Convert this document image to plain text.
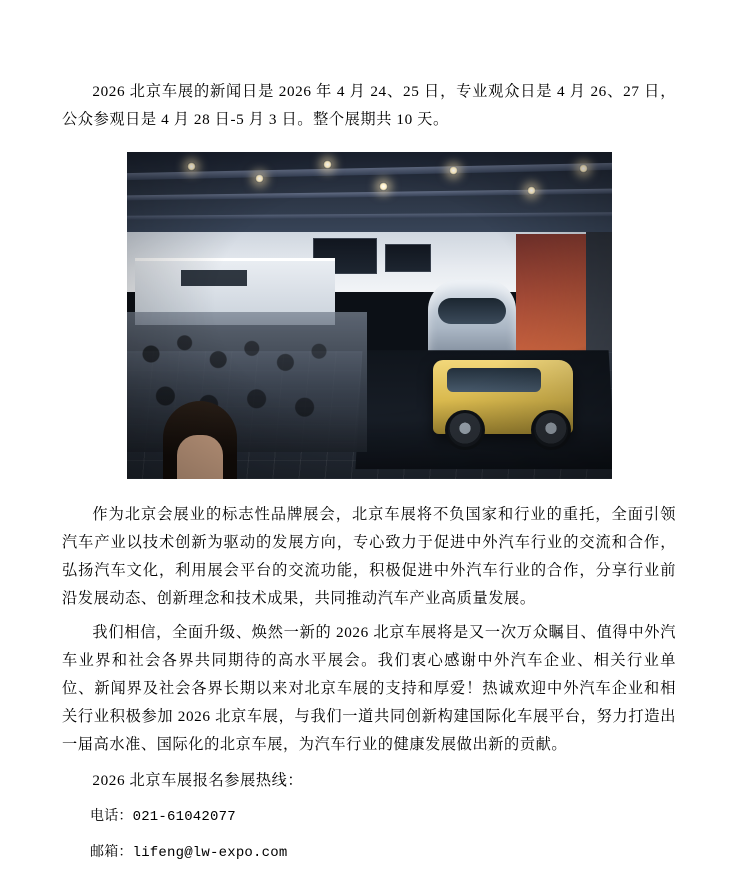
2026 北京车展的新闻日是 2026 年 4 月 24、25 日，专业观众日是 4 月 26、27 日，公众参观日是 4 月 28 日-5 月 3 日。整个展期共 10 天。

作为北京会展业的标志性品牌展会，北京车展将不负国家和行业的重托，全面引领汽车产业以技术创新为驱动的发展方向，专心致力于促进中外汽车行业的交流和合作，弘扬汽车文化，利用展会平台的交流功能，积极促进中外汽车行业的合作，分享行业前沿发展动态、创新理念和技术成果，共同推动汽车产业高质量发展。

我们相信，全面升级、焕然一新的 2026 北京车展将是又一次万众瞩目、值得中外汽车业界和社会各界共同期待的高水平展会。我们衷心感谢中外汽车企业、相关行业单位、新闻界及社会各界长期以来对北京车展的支持和厚爱！热诚欢迎中外汽车企业和相关行业积极参加 2026 北京车展，与我们一道共同创新构建国际化车展平台，努力打造出一届高水准、国际化的北京车展，为汽车行业的健康发展做出新的贡献。

2026 北京车展报名参展热线：

电话：021-61042077

邮箱：lifeng@lw-expo.com
